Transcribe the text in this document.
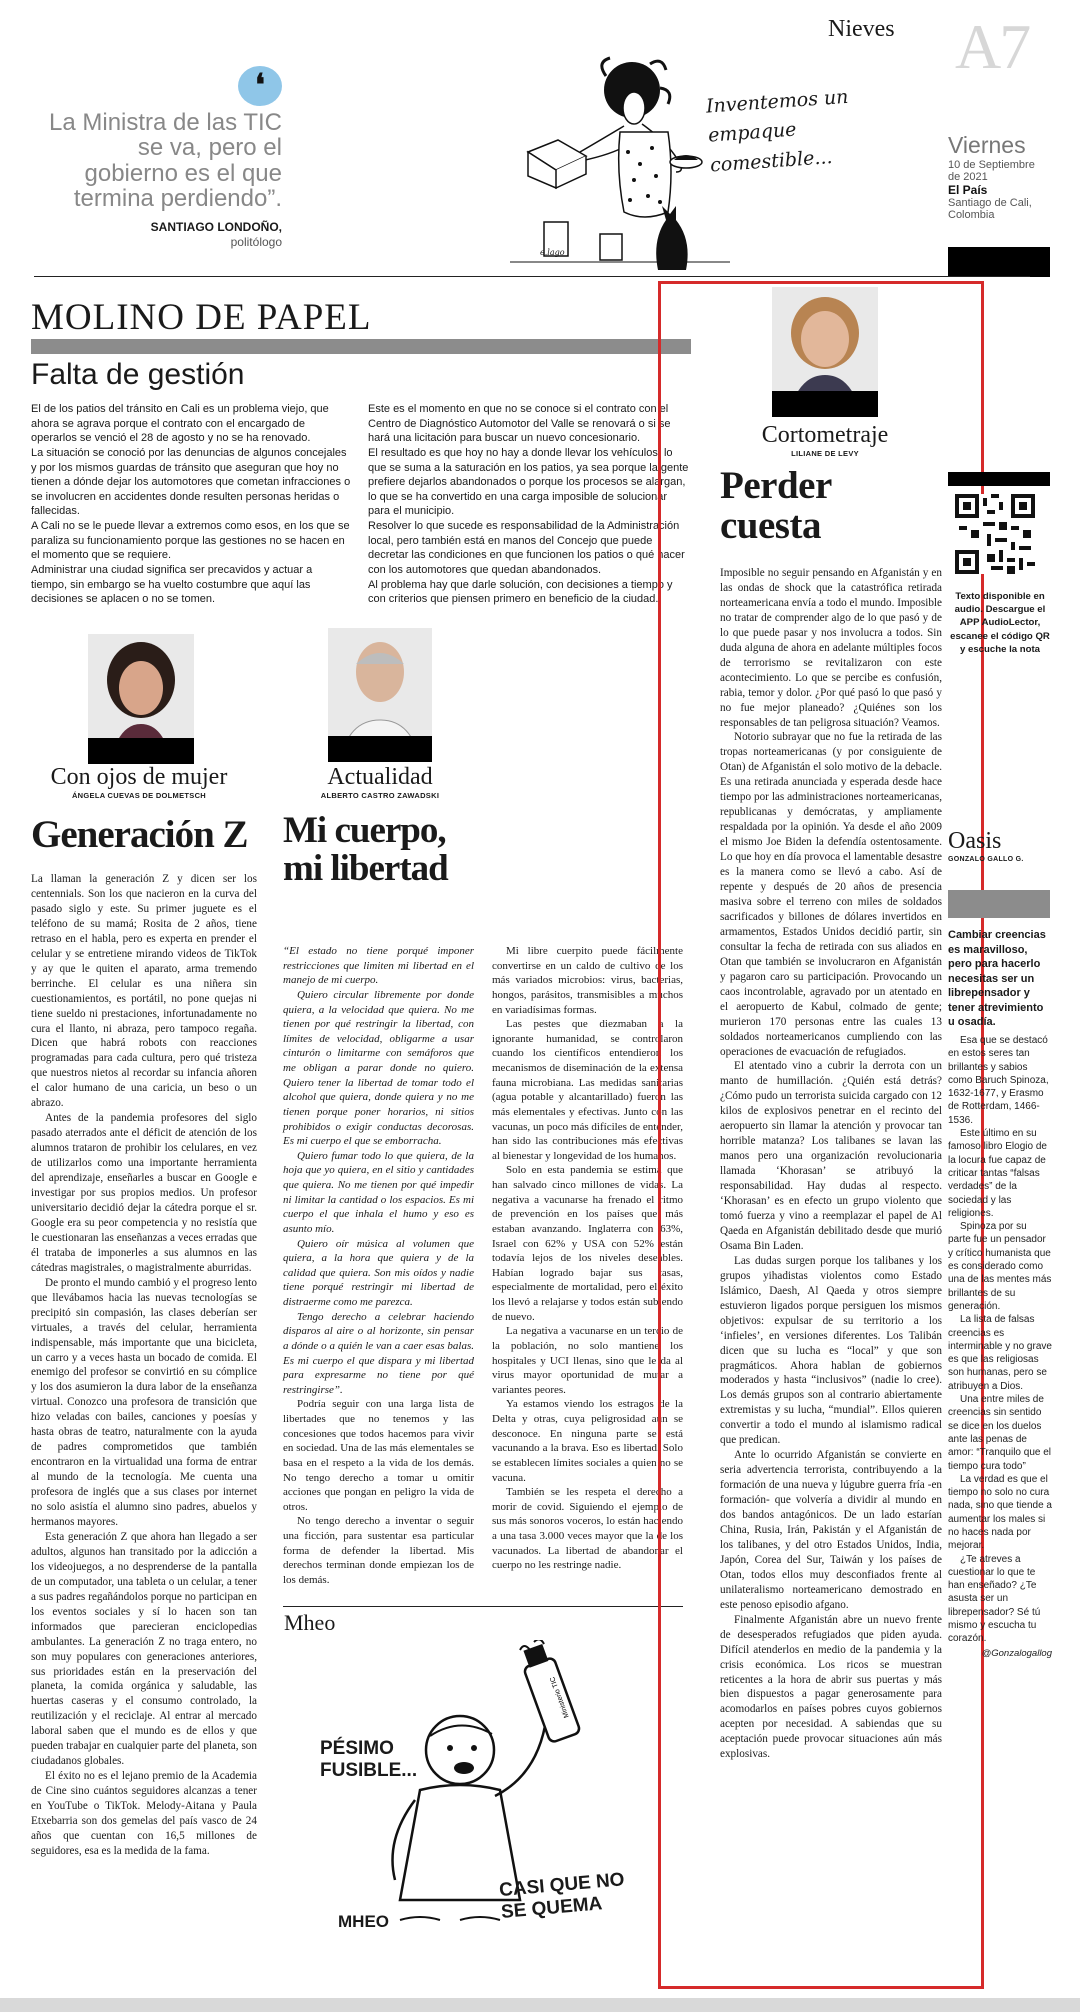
Nieves A7
Viernes
10 de Septiembre
de 2021
El País
Santiago de Cali,
Colombia
❛
La Ministra de las TIC se va, pero el gobierno es el que termina perdiendo”.
SANTIAGO LONDOÑO,
politólogo
e.lago
Inventemos un
empaque
comestible...
MOLINO DE PAPEL
Falta de gestión

El de los patios del tránsito en Cali es un problema viejo, que ahora se agrava porque el contrato con el encargado de operarlos se venció el 28 de agosto y no se ha renovado.

La situación se conoció por las denuncias de algunos concejales y por los mismos guardas de tránsito que aseguran que hoy no tienen a dónde dejar los automotores que cometan infracciones o se involucren en accidentes donde resulten personas heridas o fallecidas.

A Cali no se le puede llevar a extremos como esos, en los que se paraliza su funcionamiento porque las gestiones no se hacen en el momento que se requiere.

Administrar una ciudad significa ser precavidos y actuar a tiempo, sin embargo se ha vuelto costumbre que aquí las decisiones se aplacen o no se tomen.

Este es el momento en que no se conoce si el contrato con el Centro de Diagnóstico Automotor del Valle se renovará o si se hará una licitación para buscar un nuevo concesionario.

El resultado es que hoy no hay a donde llevar los vehículos, lo que se suma a la saturación en los patios, ya sea porque la gente prefiere dejarlos abandonados o porque los procesos se alargan, lo que se ha convertido en una carga imposible de solucionar para el municipio.

Resolver lo que sucede es responsabilidad de la Administración local, pero también está en manos del Concejo que puede decretar las condiciones en que funcionen los patios o qué hacer con los automotores que quedan abandonados.

Al problema hay que darle solución, con decisiones a tiempo y con criterios que piensen primero en beneficio de la ciudad.

Con ojos de mujer
ÁNGELA CUEVAS DE DOLMETSCH
Generación Z

La llaman la generación Z y dicen ser los centennials. Son los que nacieron en la curva del pasado siglo y este. Su primer juguete es el teléfono de su mamá; Rosita de 2 años, tiene retraso en el habla, pero es experta en prender el celular y se entretiene mirando videos de TikTok y ay que le quiten el aparato, arma tremendo berrinche. El celular es una niñera sin cuestionamientos, es portátil, no pone quejas ni tiene sueldo ni prestaciones, infortunadamente no cura el llanto, ni abraza, pero tampoco regaña. Dicen que habrá robots con reacciones programadas para cada cultura, pero qué tristeza que nuestros nietos al recordar su infancia añoren el calor humano de una caricia, un beso o un abrazo.

Antes de la pandemia profesores del siglo pasado aterrados ante el déficit de atención de los alumnos trataron de prohibir los celulares, en vez de utilizarlos como una importante herramienta del aprendizaje, enseñarles a buscar en Google e investigar por sus propios medios. Un profesor universitario decidió dejar la cátedra porque el sr. Google era su peor competencia y no resistía que le cuestionaran las enseñanzas a veces erradas que él trataba de imponerles a sus alumnos en las cátedras magistrales, o magistralmente aburridas.

De pronto el mundo cambió y el progreso lento que llevábamos hacia las nuevas tecnologías se precipitó sin compasión, las clases deberían ser virtuales, a través del celular, herramienta indispensable, más importante que una bicicleta, un carro y a veces hasta un bocado de comida. El enemigo del profesor se convirtió en su cómplice y los dos asumieron la dura labor de la enseñanza virtual. Conozco una profesora de transición que hizo veladas con bailes, canciones y poesías y hasta obras de teatro, naturalmente con la ayuda de padres comprometidos que también encontraron en la virtualidad una forma de entrar al mundo de la tecnología. Me cuenta una profesora de inglés que a sus clases por internet no solo asistía el alumno sino padres, abuelos y hermanos mayores.

Esta generación Z que ahora han llegado a ser adultos, algunos han transitado por la adicción a los videojuegos, a no desprenderse de la pantalla de un computador, una tableta o un celular, a tener a sus padres regañándolos porque no participan en los eventos sociales y sí lo hacen son tan informados que parecieran enciclopedias ambulantes. La generación Z no traga entero, no son muy populares con generaciones anteriores, sus prioridades están en la preservación del planeta, la comida orgánica y saludable, las huertas caseras y el consumo controlado, la reutilización y el reciclaje. Al entrar al mercado laboral saben que el mundo es de ellos y que pueden trabajar en cualquier parte del planeta, son ciudadanos globales.

El éxito no es el lejano premio de la Academia de Cine sino cuántos seguidores alcanzas a tener en YouTube o TikTok. Melody-Aitana y Paula Etxebarria son dos gemelas del país vasco de 24 años que cuentan con 16,5 millones de seguidores, esa es la medida de la fama.

Actualidad
ALBERTO CASTRO ZAWADSKI
Mi cuerpo, mi libertad

“El estado no tiene porqué imponer restricciones que limiten mi libertad en el manejo de mi cuerpo.

Quiero circular libremente por donde quiera, a la velocidad que quiera. No me tienen por qué restringir la libertad, con límites de velocidad, obligarme a usar cinturón o limitarme con semáforos que me obligan a parar donde no quiero. Quiero tener la libertad de tomar todo el alcohol que quiera, donde quiera y no me tienen porque poner horarios, ni sitios prohibidos o exigir conductas decorosas. Es mi cuerpo el que se emborracha.

Quiero fumar todo lo que quiera, de la hoja que yo quiera, en el sitio y cantidades que quiera. No me tienen por qué impedir ni limitar la cantidad o los espacios. Es mi cuerpo el que inhala el humo y eso es asunto mío.

Quiero oír música al volumen que quiera, a la hora que quiera y de la calidad que quiera. Son mis oídos y nadie tiene porqué restringir mi libertad de distraerme como me parezca.

Tengo derecho a celebrar haciendo disparos al aire o al horizonte, sin pensar a dónde o a quién le van a caer esas balas. Es mi cuerpo el que dispara y mi libertad para expresarme no tiene por qué restringirse”.

Podría seguir con una larga lista de libertades que no tenemos y las concesiones que todos hacemos para vivir en sociedad. Una de las más elementales se basa en el respeto a la vida de los demás. No tengo derecho a tomar u omitir acciones que pongan en peligro la vida de otros.

No tengo derecho a inventar o seguir una ficción, para sustentar esa particular forma de defender la libertad. Mis derechos terminan donde empiezan los de los demás.

Mi libre cuerpito puede fácilmente convertirse en un caldo de cultivo de los más variados microbios: virus, bacterias, hongos, parásitos, transmisibles a muchos en variadísimas formas.

Las pestes que diezmaban a la ignorante humanidad, se controlaron cuando los científicos entendieron los mecanismos de diseminación de la extensa fauna microbiana. Las medidas sanitarias (agua potable y alcantarillado) fueron las más elementales y efectivas. Junto con las vacunas, un poco más difíciles de entender, han sido las contribuciones más efectivas al bienestar y longevidad de los humanos.

Solo en esta pandemia se estima que han salvado cinco millones de vidas. La negativa a vacunarse ha frenado el ritmo de prevención en los países que más estaban avanzando. Inglaterra con 63%, Israel con 62% y USA con 52% están todavía lejos de los niveles deseables. Habían logrado bajar sus tasas, especialmente de mortalidad, pero el éxito los llevó a relajarse y todos están subiendo de nuevo.

La negativa a vacunarse en un tercio de la población, no solo mantiene los hospitales y UCI llenas, sino que le da al virus mayor oportunidad de mutar a variantes peores.

Ya estamos viendo los estragos de la Delta y otras, cuya peligrosidad aún se desconoce. En ninguna parte se está vacunando a la brava. Eso es libertad. Solo se establecen límites sociales a quien no se vacuna.

También se les respeta el derecho a morir de covid. Siguiendo el ejemplo de sus más sonoros voceros, lo están haciendo a una tasa 3.000 veces mayor que la de los vacunados. La libertad de abandonar el cuerpo no les restringe nadie.

Mheo
Ministerio TIC
PÉSIMO FUSIBLE...
CASI QUE NO SE QUEMA
MHEO
Cortometraje
LILIANE DE LEVY
Perder cuesta

Imposible no seguir pensando en Afganistán y en las ondas de shock que la catastrófica retirada norteamericana envía a todo el mundo. Imposible no tratar de comprender algo de lo que pasó y de lo que puede pasar y nos involucra a todos. Sin duda alguna de ahora en adelante múltiples focos de terrorismo se revitalizaron con este acontecimiento. Lo que se percibe es confusión, rabia, temor y dolor. ¿Por qué pasó lo que pasó y no fue mejor planeado? ¿Quiénes son los responsables de tan peligrosa situación? Veamos.

Notorio subrayar que no fue la retirada de las tropas norteamericanas (y por consiguiente de Otan) de Afganistán el solo motivo de la debacle. Es una retirada anunciada y esperada desde hace tiempo por las administraciones norteamericanas, republicanas y demócratas, y ampliamente respaldada por la opinión. Ya desde el año 2009 el mismo Joe Biden la defendía ostentosamente. Lo que hoy en día provoca el lamentable desastre es la manera como se llevó a cabo. Así de repente y después de 20 años de presencia masiva sobre el terreno con miles de soldados sacrificados y billones de dólares invertidos en armamentos, Estados Unidos decidió partir, sin consultar la fecha de retirada con sus aliados en Otan que también se involucraron en Afganistán y pagaron caro su participación. Provocando un caos incontrolable, agravado por un atentado en el aeropuerto de Kabul, colmado de gente; murieron 170 personas entre las cuales 13 soldados norteamericanos cumpliendo con las operaciones de evacuación de refugiados.

El atentado vino a cubrir la derrota con un manto de humillación. ¿Quién está detrás? ¿Cómo pudo un terrorista suicida cargado con 12 kilos de explosivos penetrar en el recinto del aeropuerto sin llamar la atención y provocar tan horrible matanza? Los talibanes se lavan las manos pero una organización revolucionaria llamada ‘Khorasan’ se atribuyó la responsabilidad. Hay dudas al respecto. ‘Khorasan’ es en efecto un grupo violento que tomó fuerza y vino a reemplazar el papel de Al Qaeda en Afganistán debilitado desde que murió Osama Bin Laden.

Las dudas surgen porque los talibanes y los grupos yihadistas violentos como Estado Islámico, Daesh, Al Qaeda y otros siempre estuvieron ligados porque persiguen los mismos objetivos: expulsar de su territorio a los ‘infieles’, en versiones diferentes. Los Talibán dicen que su lucha es “local” y que son pragmáticos. Ahora hablan de gobiernos moderados y hasta “inclusivos” (nadie lo cree). Los demás grupos son al contrario abiertamente extremistas y su lucha, “mundial”. Ellos quieren convertir a todo el mundo al islamismo radical que predican.

Ante lo ocurrido Afganistán se convierte en seria advertencia terrorista, contribuyendo a la formación de una nueva y lúgubre guerra fría -en formación- que volvería a dividir al mundo en dos bandos antagónicos. De un lado estarían China, Rusia, Irán, Pakistán y el Afganistán de los talibanes, y del otro Estados Unidos, India, Japón, Corea del Sur, Taiwán y los países de Otan, todos ellos muy desconfiados frente al unilateralismo norteamericano demostrado en este penoso episodio afgano.

Finalmente Afganistán abre un nuevo frente de desesperados refugiados que piden ayuda. Difícil atenderlos en medio de la pandemia y la crisis económica. Los ricos se muestran reticentes a la hora de abrir sus puertas y más bien dispuestos a pagar generosamente para acomodarlos en países pobres cuyos gobiernos acepten por necesidad. A sabiendas que su aceptación puede provocar situaciones aún más explosivas.

Texto disponible en audio. Descargue el APP AudioLector, escanee el código QR y escuche la nota
Oasis
GONZALO GALLO G.
Cambiar creencias es maravilloso, pero para hacerlo necesitas ser un librepensador y tener atrevimiento u osadía.

Esa que se destacó en estos seres tan brillantes y sabios como Baruch Spinoza, 1632-1677, y Erasmo de Rotterdam, 1466-1536.

Este último en su famoso libro Elogio de la locura fue capaz de criticar tantas “falsas verdades” de la sociedad y las religiones.

Spinoza por su parte fue un pensador y crítico humanista que es considerado como una de las mentes más brillantes de su generación.

La lista de falsas creencias es interminable y no grave es que las religiosas son humanas, pero se atribuyen a Dios.

Una entre miles de creencias sin sentido se dice en los duelos ante las penas de amor: “Tranquilo que el tiempo cura todo”

La verdad es que el tiempo no solo no cura nada, sino que tiende a aumentar los males si no haces nada por mejorar.

¿Te atreves a cuestionar lo que te han enseñado? ¿Te asusta ser un librepensador? Sé tú mismo y escucha tu corazón.

@Gonzalogallog
